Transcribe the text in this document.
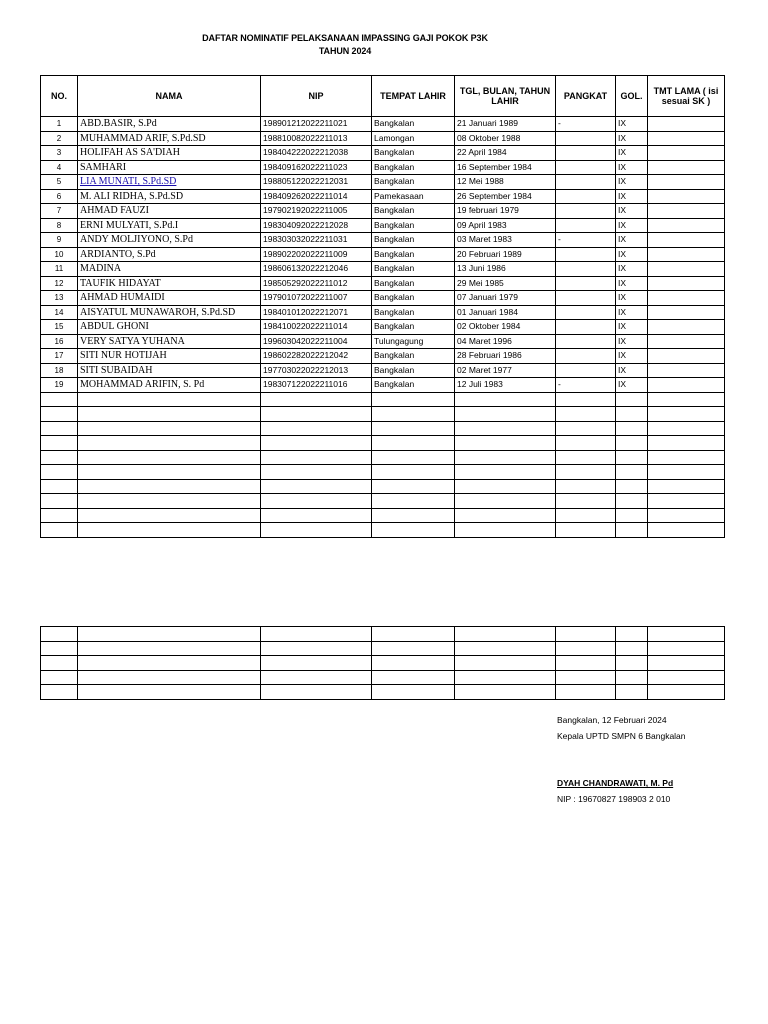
DAFTAR NOMINATIF PELAKSANAAN IMPASSING GAJI POKOK P3K
TAHUN 2024
NO.	NAMA	NIP	TEMPAT LAHIR	TGL, BULAN, TAHUN LAHIR	PANGKAT	GOL.	TMT LAMA ( isi sesuai SK )
1	ABD.BASIR, S.Pd	198901212022211021	Bangkalan	21 Januari 1989	-	IX	
2	MUHAMMAD ARIF, S.Pd.SD	198810082022211013	Lamongan	08 Oktober 1988		IX	
3	HOLIFAH AS SA'DIAH	198404222022212038	Bangkalan	22 April 1984		IX	
4	SAMHARI	198409162022211023	Bangkalan	16 September 1984		IX	
5	LIA MUNATI, S.Pd.SD	198805122022212031	Bangkalan	12 Mei 1988		IX	
6	M. ALI RIDHA, S.Pd.SD	198409262022211014	Pamekasaan	26 September 1984		IX	
7	AHMAD FAUZI	197902192022211005	Bangkalan	19 februari 1979		IX	
8	ERNI MULYATI, S.Pd.I	198304092022212028	Bangkalan	09 April 1983		IX	
9	ANDY MOLJIYONO, S.Pd	198303032022211031	Bangkalan	03 Maret 1983	-	IX	
10	ARDIANTO, S.Pd	198902202022211009	Bangkalan	20 Februari 1989		IX	
11	MADINA	198606132022212046	Bangkalan	13 Juni 1986		IX	
12	TAUFIK HIDAYAT	198505292022211012	Bangkalan	29 Mei 1985		IX	
13	AHMAD HUMAIDI	197901072022211007	Bangkalan	07 Januari 1979		IX	
14	AISYATUL MUNAWAROH, S.Pd.SD	198401012022212071	Bangkalan	01 Januari 1984		IX	
15	ABDUL GHONI	198410022022211014	Bangkalan	02 Oktober 1984		IX	
16	VERY SATYA YUHANA	199603042022211004	Tulungagung	04 Maret 1996		IX	
17	SITI NUR HOTIJAH	198602282022212042	Bangkalan	28 Februari 1986		IX	
18	SITI SUBAIDAH	197703022022212013	Bangkalan	02 Maret 1977		IX	
19	MOHAMMAD ARIFIN, S. Pd	198307122022211016	Bangkalan	12 Juli 1983	-	IX	

Bangkalan, 12 Februari 2024
Kepala UPTD SMPN 6 Bangkalan
DYAH CHANDRAWATI, M. Pd
NIP : 19670827 198903 2 010
